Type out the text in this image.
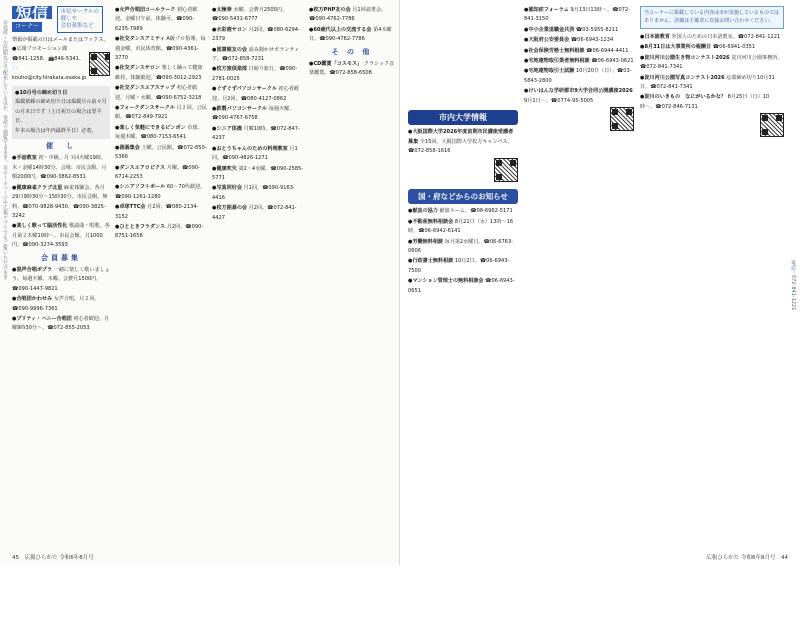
市役所・公民館などで配布しているほか、各所で閲覧できます。市ホームページや広報アプリでもご覧いただけます
短信
コーナー
市民サークルの
催しや
会員募集など
情報が掲載の日はメールまたはファクス。
●広報プロモーション課
☎841-1258、📠846-5341、
✉️kouho@city.hirakata.osaka.jp
●10月号の締め切り日
掲載依頼の締め切り日は掲載月の前々月
の月末日です（土日祝日の場合は翌平日、
年末の場合は年内最終平日）必着。
催　し
●手話教室 初・中級。月３回火曜19時、木・金曜14時30分。会場：市民会館。月額2000円。☎090-3862-8531
●健康麻雀クラブ北星 麻雀体験会。各月29日9時30分〜15時30分。市民会館。無料。☎070-9828-9430、☎090-3825-3242
●楽しく歌って脳活性化 歌謡曲・唱歌。各月第２木曜10時〜。市民会館。月1000円。☎090-3274-3593
会員募集
●混声合唱ポプラ 一緒に楽しく歌いましょう。毎週火曜、木曜。会費月1500円。☎090-1447-9821
●合唱団かわせみ 女声合唱。月２回。☎090-9996-7361
●プリティ・ハニー合唱団 初心者歓迎。月曜9時30分〜。☎072-855-2053
●女声合唱団コールラーク 初心者歓迎。金曜日午前。体験可。☎090-6235-7989
●社交ダンスアミティ A級プロ指導。毎週金曜。市民体育館。☎090-4361-3770
●社交ダンスサロン 楽しく踊って健康維持。体験歓迎。☎090-3012-2923
●社交ダンスエアステップ 初心者歓迎。月曜・水曜。☎090-6752-3218
●フォークダンスサークル 月２回。公民館。☎072-849-7921
●楽しく気軽にできるピンポン 卓球。毎週木曜。☎080-7153-6541
●囲碁集会 土曜。公民館。☎072-850-5366
●ダンスエアロビクス 月曜。☎090-6714-2253
●シニアソフトボール 60〜70代歓迎。☎090-1261-1280
●卓球TTC会 月2回。☎080-2134-3152
●ひとときフラダンス 月2回。☎090-8751-1658
●太極拳 水曜。会費月2500円。☎090-5431-6777
●水彩画サロン 月2回。☎080-6294-2379
●図書館友の会 読み聞かせボランティア。☎072-858-7231
●枚方旅倶楽部 日帰り旅行。☎090-2781-0025
●ぐずぐずパソコンサークル 初心者歓迎。月2回。☎080-4127-0862
●鉄製パソコンサークル 毎週火曜。☎090-4767-6758
●シニア体操 月曜10時。☎072-847-4237
●おとうちゃんのための料理教室 月1回。☎090-4826-1271
●健康吹矢 第2・4水曜。☎090-2585-5771
●写真同好会 月1回。☎090-9163-4416
●枚方囲碁の会 月2回。☎072-841-4427
●枚方PHP友の会 月1回読書会。☎090-4762-7786
●60歳代以上の交流する会 第4木曜日。☎090-4762-7786
そ の 他
●CD鑑賞「コスモス」 クラシック音楽鑑賞。☎072-858-6508
45　広報ひらかた 令和6年8月号
市内大学情報
●大阪国際大学2026年度前期市民講座受講者募集 全15回。大阪国際大学枚方キャンパス。☎072-858-1616
国・府などからのお知らせ
●献血の協力 献血ルーム。☎06-6962-5171
●不動産無料相談会 8月21日（水）13時〜16時。☎06-6942-6141
●労働無料相談 毎月第2水曜日。☎06-6763-0606
●行政書士無料相談 10月2日。☎06-6943-7500
●マンション管理士の無料相談会 ☎06-6943-0651
●認知症フォーラム 9月13日13時〜。☎072-841-3150
●中小企業退職金共済 ☎03-5955-8211
●大阪府公安委員会 ☎06-6943-1234
●社会保険労務士無料相談 ☎06-6944-4411
●宅地建物取引業者無料相談 ☎06-6943-0621
●宅地建物取引士試験 10月20日（日）。☎03-5843-2800
●けいはんな学研都市9大学合同公開講座2026 9月1日〜。☎0774-95-5005
当コーナーに掲載している内容は市が実施しているものではありません。詳細は主催者に直接お問い合わせください。
●日本語教育 外国人のための日本語教室。☎072-841-1221
●8月31日は大事業所の報酬日 ☎06-6941-0351
●淀川河川公園生き物コンテスト2026 淀川河川公園事務所。☎072-841-7341
●淀川河川公園写真コンテスト2026 応募締め切り10月31日。☎072-841-7341
●淀川のいきもの　なにがいるかな？ 8月25日（日）10時〜。☎072-846-7131
電話：072-841-1221
広報ひらかた 令和6年8月号　44
